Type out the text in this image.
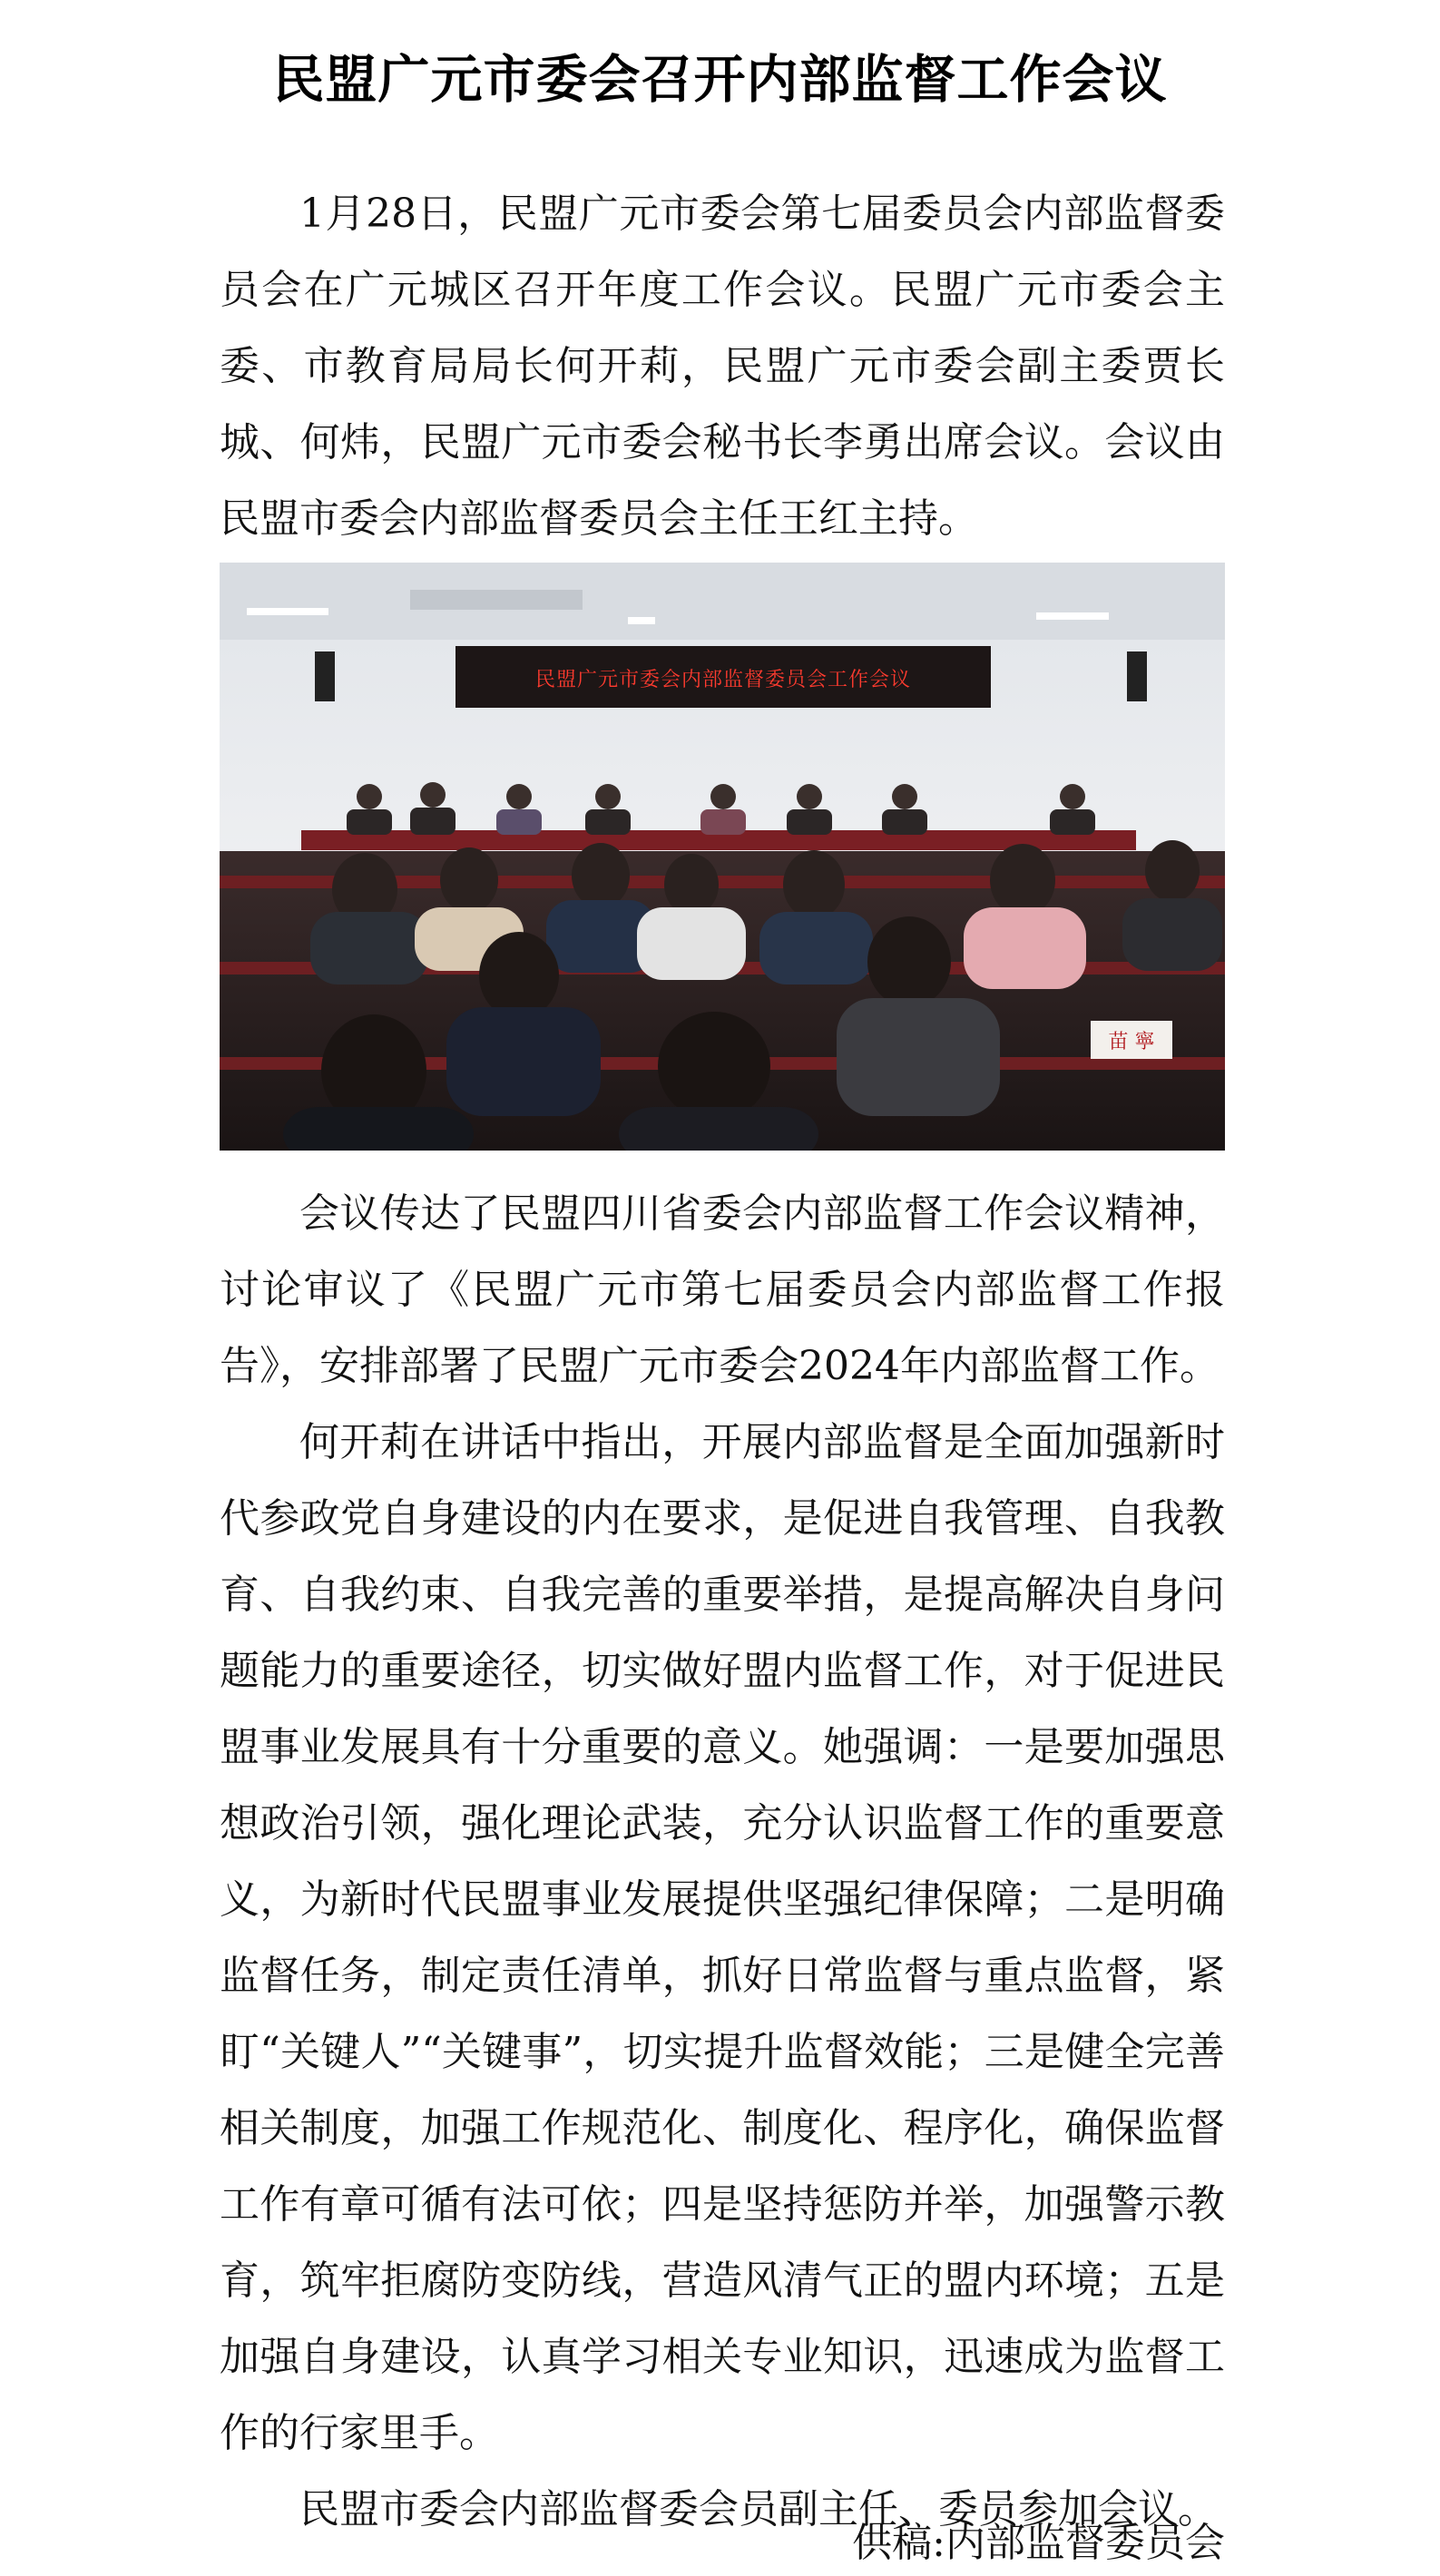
民盟广元市委会召开内部监督工作会议

1月28日，民盟广元市委会第七届委员会内部监督委员会在广元城区召开年度工作会议。民盟广元市委会主委、市教育局局长何开莉，民盟广元市委会副主委贾长城、何炜，民盟广元市委会秘书长李勇出席会议。会议由民盟市委会内部监督委员会主任王红主持。

民盟广元市委会内部监督委员会工作会议
苗 寧

会议传达了民盟四川省委会内部监督工作会议精神，讨论审议了《民盟广元市第七届委员会内部监督工作报告》，安排部署了民盟广元市委会2024年内部监督工作。

何开莉在讲话中指出，开展内部监督是全面加强新时代参政党自身建设的内在要求，是促进自我管理、自我教育、自我约束、自我完善的重要举措，是提高解决自身问题能力的重要途径，切实做好盟内监督工作，对于促进民盟事业发展具有十分重要的意义。她强调：一是要加强思想政治引领，强化理论武装，充分认识监督工作的重要意义，为新时代民盟事业发展提供坚强纪律保障；二是明确监督任务，制定责任清单，抓好日常监督与重点监督，紧盯“关键人”“关键事”，切实提升监督效能；三是健全完善相关制度，加强工作规范化、制度化、程序化，确保监督工作有章可循有法可依；四是坚持惩防并举，加强警示教育，筑牢拒腐防变防线，营造风清气正的盟内环境；五是加强自身建设，认真学习相关专业知识，迅速成为监督工作的行家里手。

民盟市委会内部监督委会员副主任、委员参加会议。

供稿:内部监督委员会
